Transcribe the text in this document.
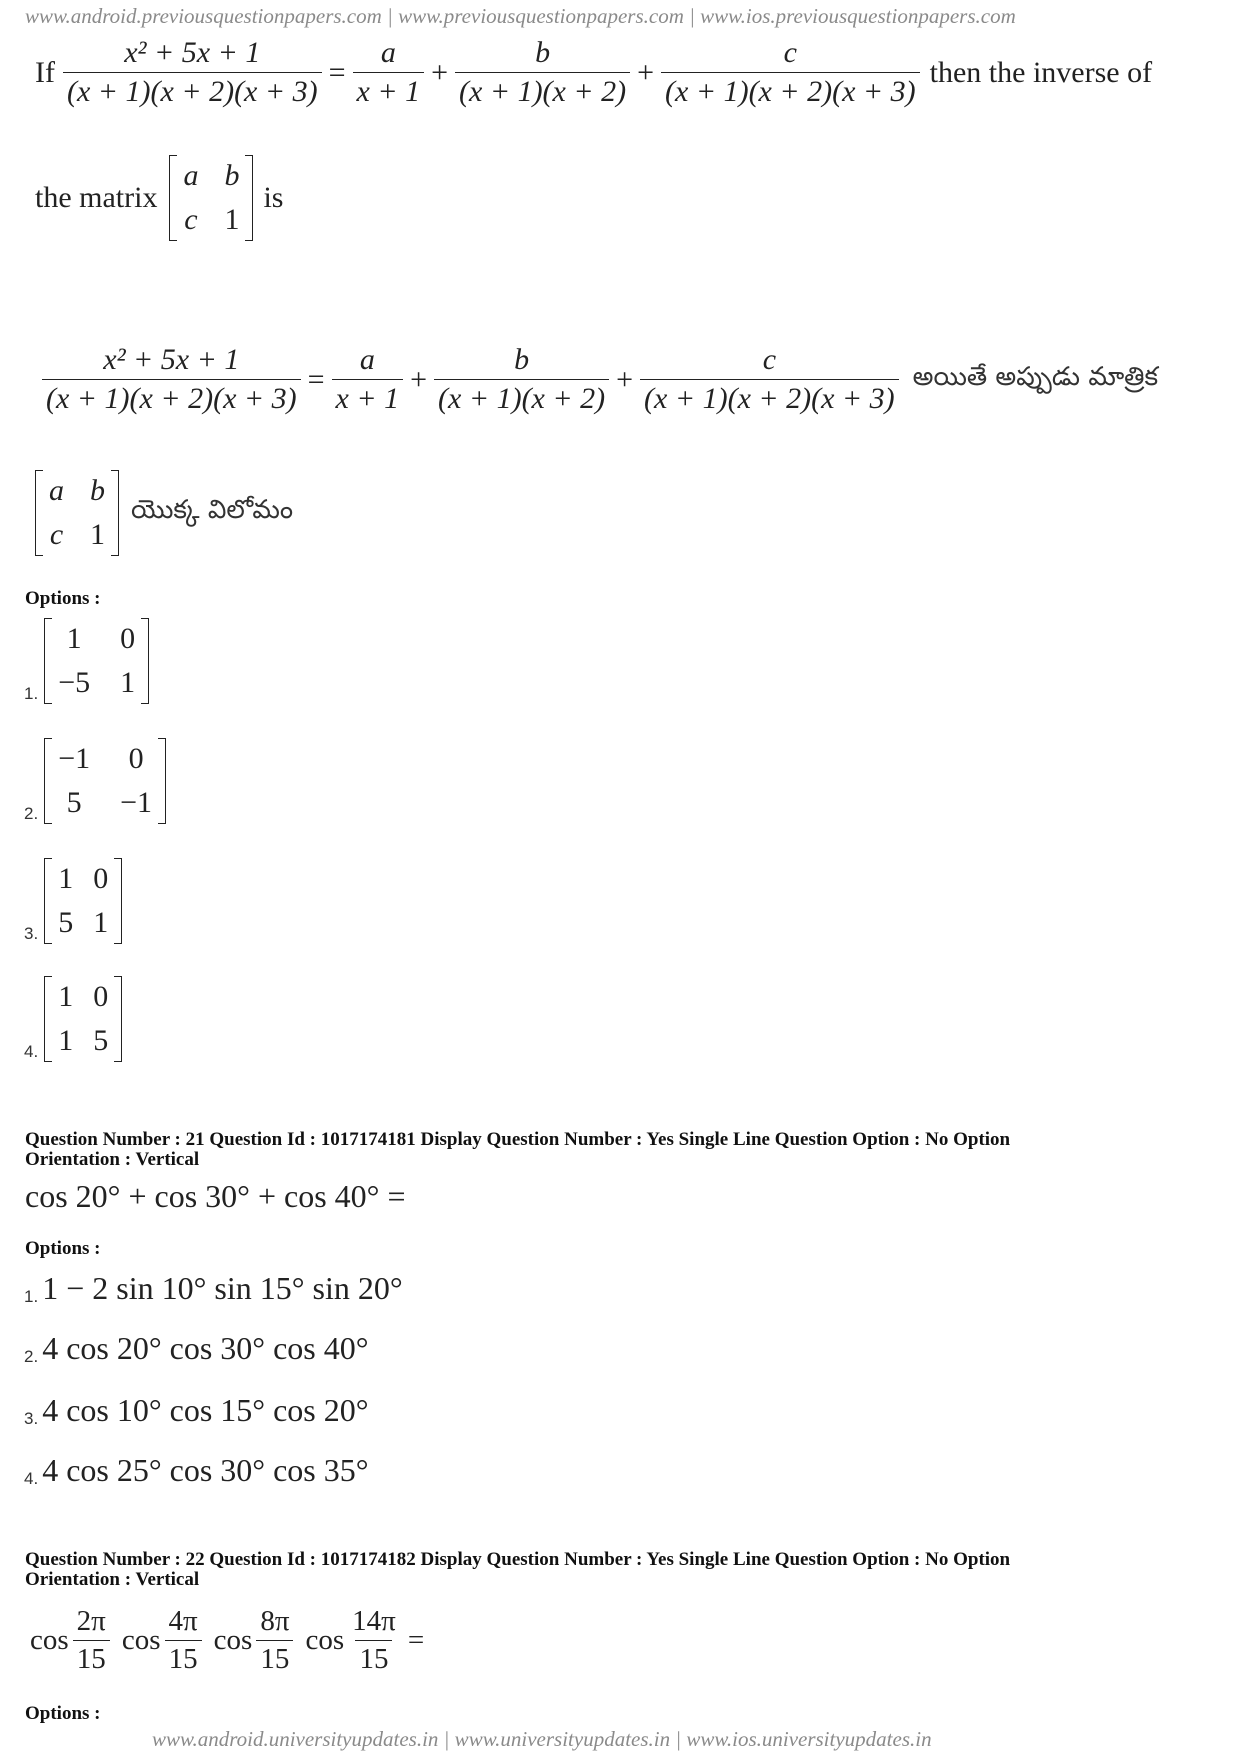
www.android.previousquestionpapers.com | www.previousquestionpapers.com | www.ios.previousquestionpapers.com
If $\frac{\text{x² + 5x + 1}}{(x + 1)(x + 2)(x + 3)} = \frac{a}{x + 1} + \frac{b}{(x + 1)(x + 2)} + \frac{c}{(x + 1)(x + 2)(x + 3)}$ then the inverse of
the matrix
a b
c 1
is
$\frac{\text{x² + 5x + 1}}{(x + 1)(x + 2)(x + 3)} = \frac{a}{x + 1} + \frac{b}{(x + 1)(x + 2)} + \frac{c}{(x + 1)(x + 2)(x + 3)}$ అయితే అప్పుడు మాత్రిక
a b
c 1
యొక్క విలోమం
Options :
1.
1 0
−5 1
2.
−1 0
5 −1
3.
1 0
5 1
4.
1 0
1 5
Question Number : 21 Question Id : 1017174181 Display Question Number : Yes Single Line Question Option : No Option
Orientation : Vertical
cos 20° + cos 30° + cos 40° =
Options :
1. 1 − 2 sin 10° sin 15° sin 20°
2. 4 cos 20° cos 30° cos 40°
3. 4 cos 10° cos 15° cos 20°
4. 4 cos 25° cos 30° cos 35°
Question Number : 22 Question Id : 1017174182 Display Question Number : Yes Single Line Question Option : No Option
Orientation : Vertical
$\cos \frac{2\pi}{15}$ $\cos \frac{4\pi}{15}$ $\cos \frac{8\pi}{15}$ $\cos \frac{14\pi}{15}$ =
Options :
www.android.universityupdates.in | www.universityupdates.in | www.ios.universityupdates.in
